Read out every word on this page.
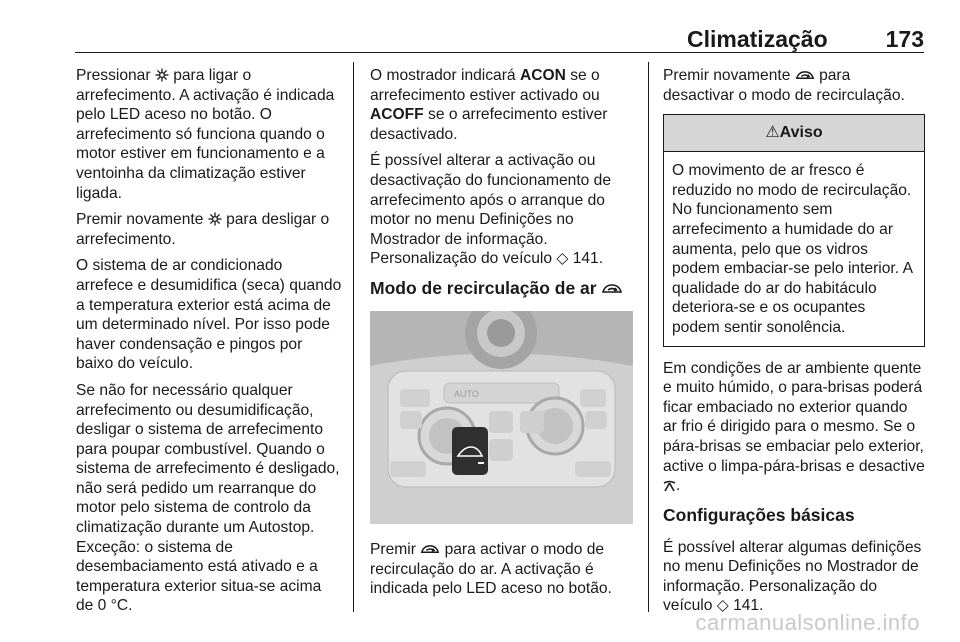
Climatização	173

Pressionar  para ligar o arrefecimento. A activação é indicada pelo LED aceso no botão. O arrefecimento só funciona quando o motor estiver em funcionamento e a ventoinha da climatização estiver ligada.

Premir novamente  para desligar o arrefecimento.

O sistema de ar condicionado arrefece e desumidifica (seca) quando a temperatura exterior está acima de um determinado nível. Por isso pode haver condensação e pingos por baixo do veículo.

Se não for necessário qualquer arrefecimento ou desumidificação, desligar o sistema de arrefecimento para poupar combustível. Quando o sistema de arrefecimento é desligado, não será pedido um rearranque do motor pelo sistema de controlo da climatização durante um Autostop. Exceção: o sistema de desembaciamento está ativado e a temperatura exterior situa-se acima de 0 °C.

O mostrador indicará ACON se o arrefecimento estiver activado ou ACOFF se o arrefecimento estiver desactivado.

É possível alterar a activação ou desactivação do funcionamento de arrefecimento após o arranque do motor no menu Definições no Mostrador de informação. Personalização do veículo ◇ 141.

Modo de recirculação de ar
AUTO

Premir  para activar o modo de recirculação do ar. A activação é indicada pelo LED aceso no botão.

Premir novamente  para desactivar o modo de recirculação.

⚠ Aviso
O movimento de ar fresco é reduzido no modo de recirculação. No funcionamento sem arrefecimento a humidade do ar aumenta, pelo que os vidros podem embaciar-se pelo interior. A qualidade do ar do habitáculo deteriora-se e os ocupantes podem sentir sonolência.

Em condições de ar ambiente quente e muito húmido, o para-brisas poderá ficar embaciado no exterior quando ar frio é dirigido para o mesmo. Se o pára-brisas se embaciar pelo exterior, active o limpa-pára-brisas e desactive .

Configurações básicas

É possível alterar algumas definições no menu Definições no Mostrador de informação. Personalização do veículo ◇ 141.

carmanualsonline.info
